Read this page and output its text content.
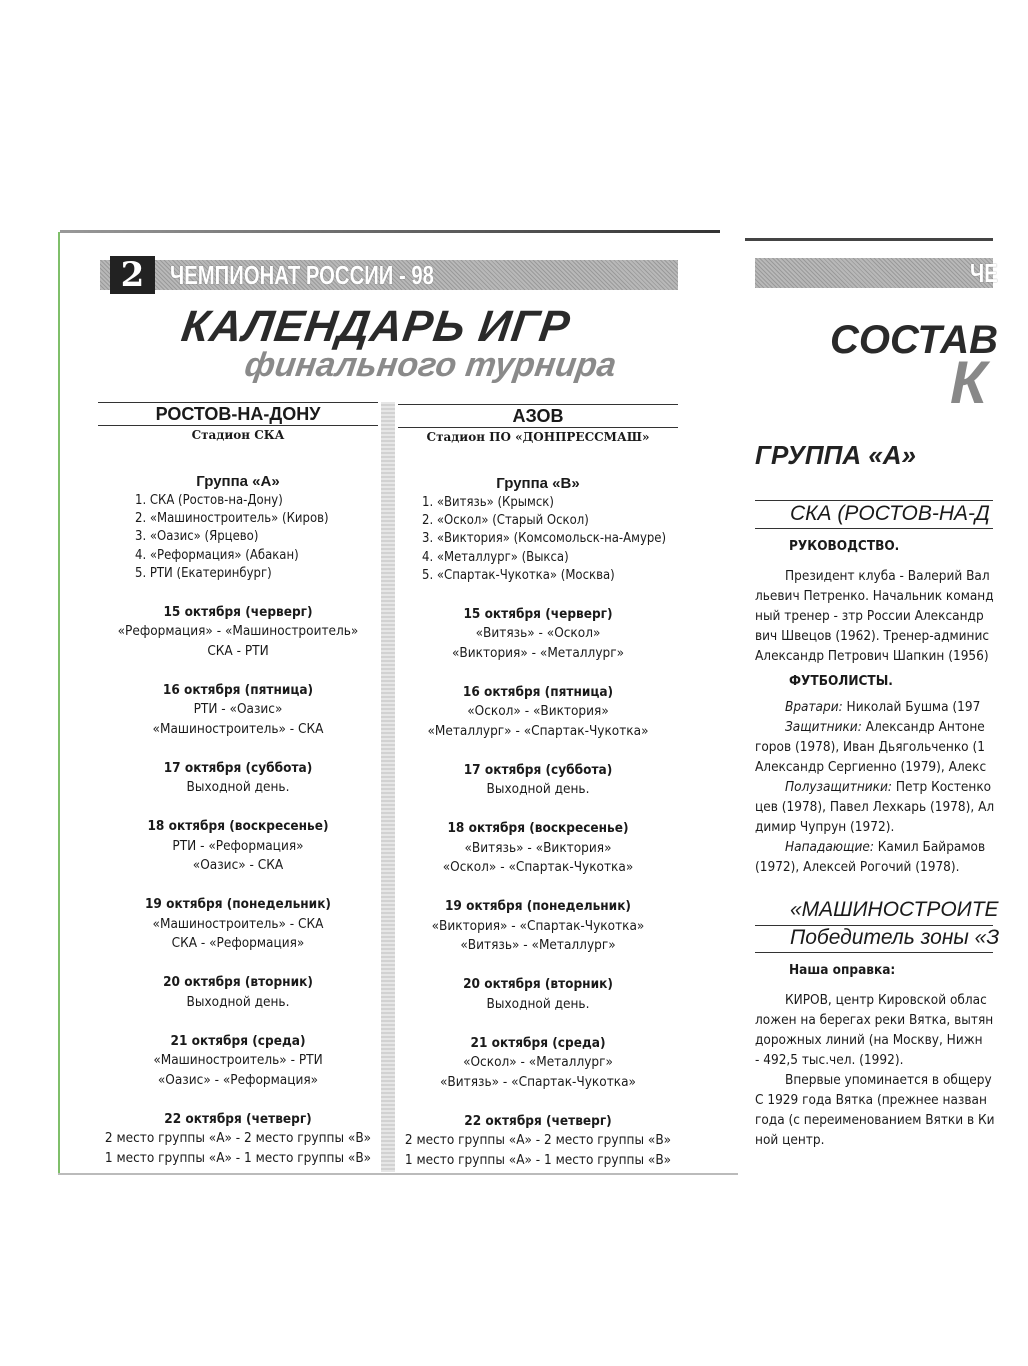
ЧЕМПИОНАТ РОССИИ - 98
2
КАЛЕНДАРЬ ИГР
финального турнира
РОСТОВ-НА-ДОНУ
Стадион СКА
Группа «А»
1. СКА (Ростов-на-Дону)
2. «Машиностроитель» (Киров)
3. «Оазис» (Ярцево)
4. «Реформация» (Абакан)
5. РТИ (Екатеринбург)
15 октября (черверг)
«Реформация» - «Машиностроитель»
СКА - РТИ
16 октября (пятница)
РТИ - «Оазис»
«Машиностроитель» - СКА
17 октября (суббота)
Выходной день.
18 октября (воскресенье)
РТИ - «Реформация»
«Оазис» - СКА
19 октября (понедельник)
«Машиностроитель» - СКА
СКА - «Реформация»
20 октября (вторник)
Выходной день.
21 октября (среда)
«Машиностроитель» - РТИ
«Оазис» - «Реформация»
22 октября (четверг)
2 место группы «А» - 2 место группы «В»
1 место группы «А» - 1 место группы «В»
АЗОВ
Стадион ПО «ДОНПРЕССМАШ»
Группа «В»
1. «Витязь» (Крымск)
2. «Оскол» (Старый Оскол)
3. «Виктория» (Комсомольск-на-Амуре)
4. «Металлург» (Выкса)
5. «Спартак-Чукотка» (Москва)
15 октября (черверг)
«Витязь» - «Оскол»
«Виктория» - «Металлург»
16 октября (пятница)
«Оскол» - «Виктория»
«Металлург» - «Спартак-Чукотка»
17 октября (суббота)
Выходной день.
18 октября (воскресенье)
«Витязь» - «Виктория»
«Оскол» - «Спартак-Чукотка»
19 октября (понедельник)
«Виктория» - «Спартак-Чукотка»
«Витязь» - «Металлург»
20 октября (вторник)
Выходной день.
21 октября (среда)
«Оскол» - «Металлург»
«Витязь» - «Спартак-Чукотка»
22 октября (четверг)
2 место группы «А» - 2 место группы «В»
1 место группы «А» - 1 место группы «В»
ЧЕ
СОСТАВ
К
ГРУППА «А»
СКА (РОСТОВ-НА-Д
РУКОВОДСТВО.
Президент клуба - Валерий Вал
льевич Петренко. Начальник команд
ный тренер - зтр России Александр
вич Швецов (1962). Тренер-админис
Александр Петрович Шапкин (1956)
ФУТБОЛИСТЫ.
Вратари: Николай Бушма (197
Защитники: Александр Антоне
горов (1978), Иван Дьягольченко (1
Александр Сергиенно (1979), Алекс
Полузащитники: Петр Костенко
цев (1978), Павел Лехкарь (1978), Ал
димир Чупрун (1972).
Нападающие: Камил Байрамов
(1972), Алексей Рогочий (1978).
«МАШИНОСТРОИТЕ
Победитель зоны «З
Наша оправка:
КИРОВ, центр Кировской облас
ложен на берегах реки Вятка, вытян
дорожных линий (на Москву, Нижн
- 492,5 тыс.чел. (1992).
Впервые упоминается в общеру
С 1929 года Вятка (прежнее назван
года (с переименованием Вятки в Ки
ной центр.
